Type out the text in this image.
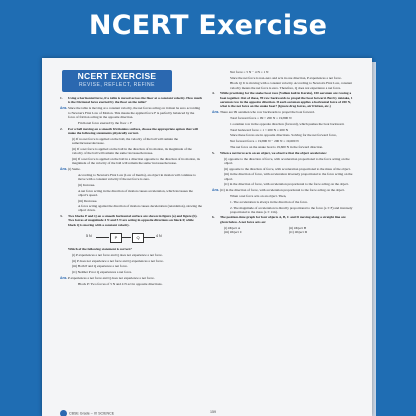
NCERT Exercise
NCERT EXERCISE
REVISE, REFLECT, REFINE
1.	Using a horizontal force, if a table is moved across the floor at a constant velocity. How much is the frictional force exerted by the floor on the table?
Ans. Since the table is moving at a constant velocity, the net forces acting on it must be zero according to Newton's First Law of Motion. This means the applied force F is perfectly balanced by the force of friction acting in the opposite direction.
Frictional force exerted by the floor = F
2.	For a ball moving on a smooth frictionless surface, choose the appropriate option that will make the following statements physically correct.
(i) If no net force is applied on the ball, the velocity of the ball will remain the same/increase/decrease.
(ii) If a net force is applied on the ball in the direction of its motion, its magnitude of the velocity of the ball will remain the same/ increase/decrease.
(iii) If a net force is applied on the ball in a direction opposite to the direction of its motion, its magnitude of the velocity of the ball will remain the same/ increase/decrease.
Ans. (i) Same.
According to Newton's First Law (Law of Inertia), an object in motion will continue to move with a constant velocity if the net force is zero.
(ii) Increase.
A net force acting in the direction of motion causes acceleration, which increases the object's speed.
(iii) Decrease.
A force acting against the direction of motion causes deceleration (retardation), slowing the object down.
3.	Two blocks P and Q on a smooth horizontal surface are shown in figure (a) and figure (b). Two forces of magnitude 4 N and 5 N are acting in opposite directions on block P, while block Q is moving with a constant velocity.
5 N	P	Q	4 N
Which of the following statement is correct?
(i) P experiences a net force and Q does not experience a net force.
(ii) P does not experience a net force and Q experiences a net force.
(iii) Both P and Q experience a net force.
(iv) Neither P nor Q experiences a net force.
Ans. P experiences a net force and Q does not experience a net force.
Block P: Two forces of 5 N and 4 N act in opposite directions.
Net force = 5 N − 4 N = 1 N
Since the net force is non-zero and acts in one direction, P experiences a net force.
Block Q: It is moving with a constant velocity. According to Newton's First Law, constant velocity means the net force is zero. Therefore, Q does not experience a net force.
4.	While practising for the snake boat race (Vallam kali in Kerala), 100 oarsmen are rowing a boat together. Out of these, 99 row backwards to propel the boat forward. But by mistake, 1 oarsman row in the opposite direction. If each oarsman applies a horizontal force of 200 N, what is the net force on the snake boat? (Ignore drag forces, air friction, etc.)
Ans. There are 99 oarsmen who row backwards to propel the boat forward.
Total forward force = 99 × 200 N = 19,800 N
1 oarsman row in the opposite direction (forward), which pushes the boat backward.
Total backward force = 1 × 200 N = 200 N
Since these forces are in opposite directions. Solving for the net forward force,
Net forward force = 19,800 N − 200 N = 19,600 N
The net force on the snake boat is 19,600 N in the forward direction.
5.	When a net force acts on an object, we observe that the object accelerates:
(i) opposite to the direction of force, with acceleration proportional to the force acting on the object.
(ii) opposite to the direction of force, with acceleration proportional to the mass of the object.
(iii) in the direction of force, with acceleration inversely proportional to the force acting on the object.
(iv) in the direction of force, with acceleration proportional to the force acting on the object.
Ans. (iv) in the direction of force, with acceleration proportional to the force acting on the object.
When a net force acts on an object. Then,
1. The acceleration is always in the direction of the force.
2. The magnitude of acceleration is directly proportional to the force (a ∝ F) and inversely proportional to the mass (a ∝ 1/m).
6.	The position-time graph for four objects A, B, C and D moving along a straight line are given below. A net force acts on:
(i) Object A	(ii) Object B
(iii) Object C	(iv) Object D
CBSE Grade – IX SCIENCE	159
